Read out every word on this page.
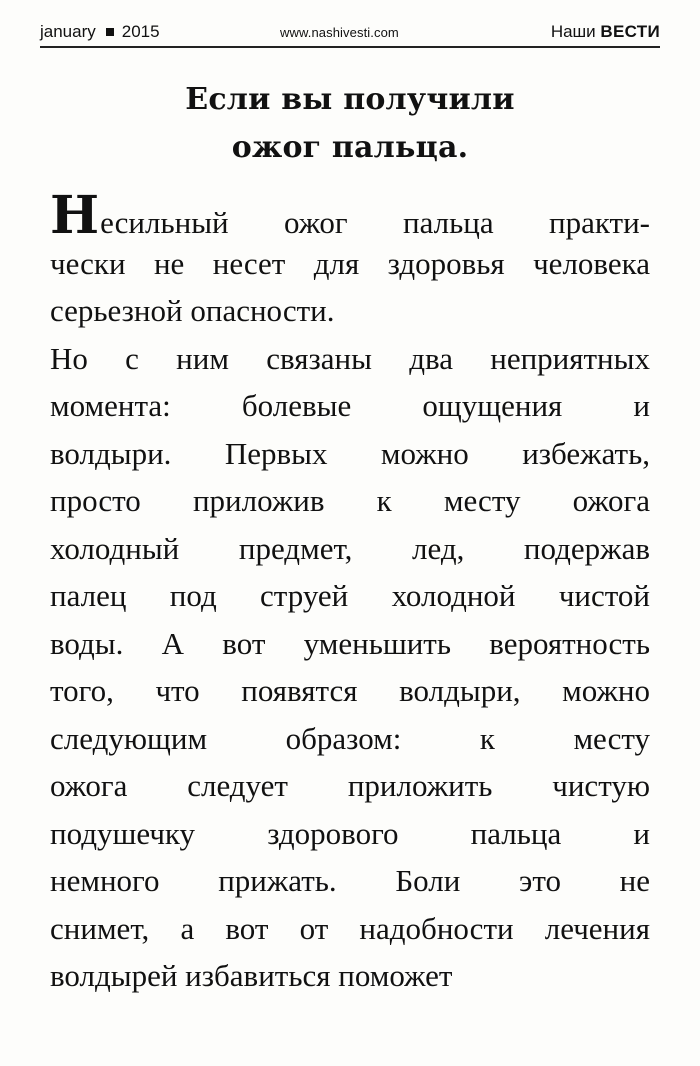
january 2015	www.nashivesti.com	Наши ВЕСТИ
Если вы получили
ожог пальца.
Несильный ожог пальца практи-
чески не несет для здоровья человека
серьезной опасности.
Но с ним связаны два неприятных
момента: болевые ощущения и
волдыри. Первых можно избежать,
просто приложив к месту ожога
холодный предмет, лед, подержав
палец под струей холодной чистой
воды. А вот уменьшить вероятность
того, что появятся волдыри, можно
следующим образом: к месту
ожога следует приложить чистую
подушечку здорового пальца и
немного прижать. Боли это не
снимет, а вот от надобности лечения
волдырей избавиться поможет
